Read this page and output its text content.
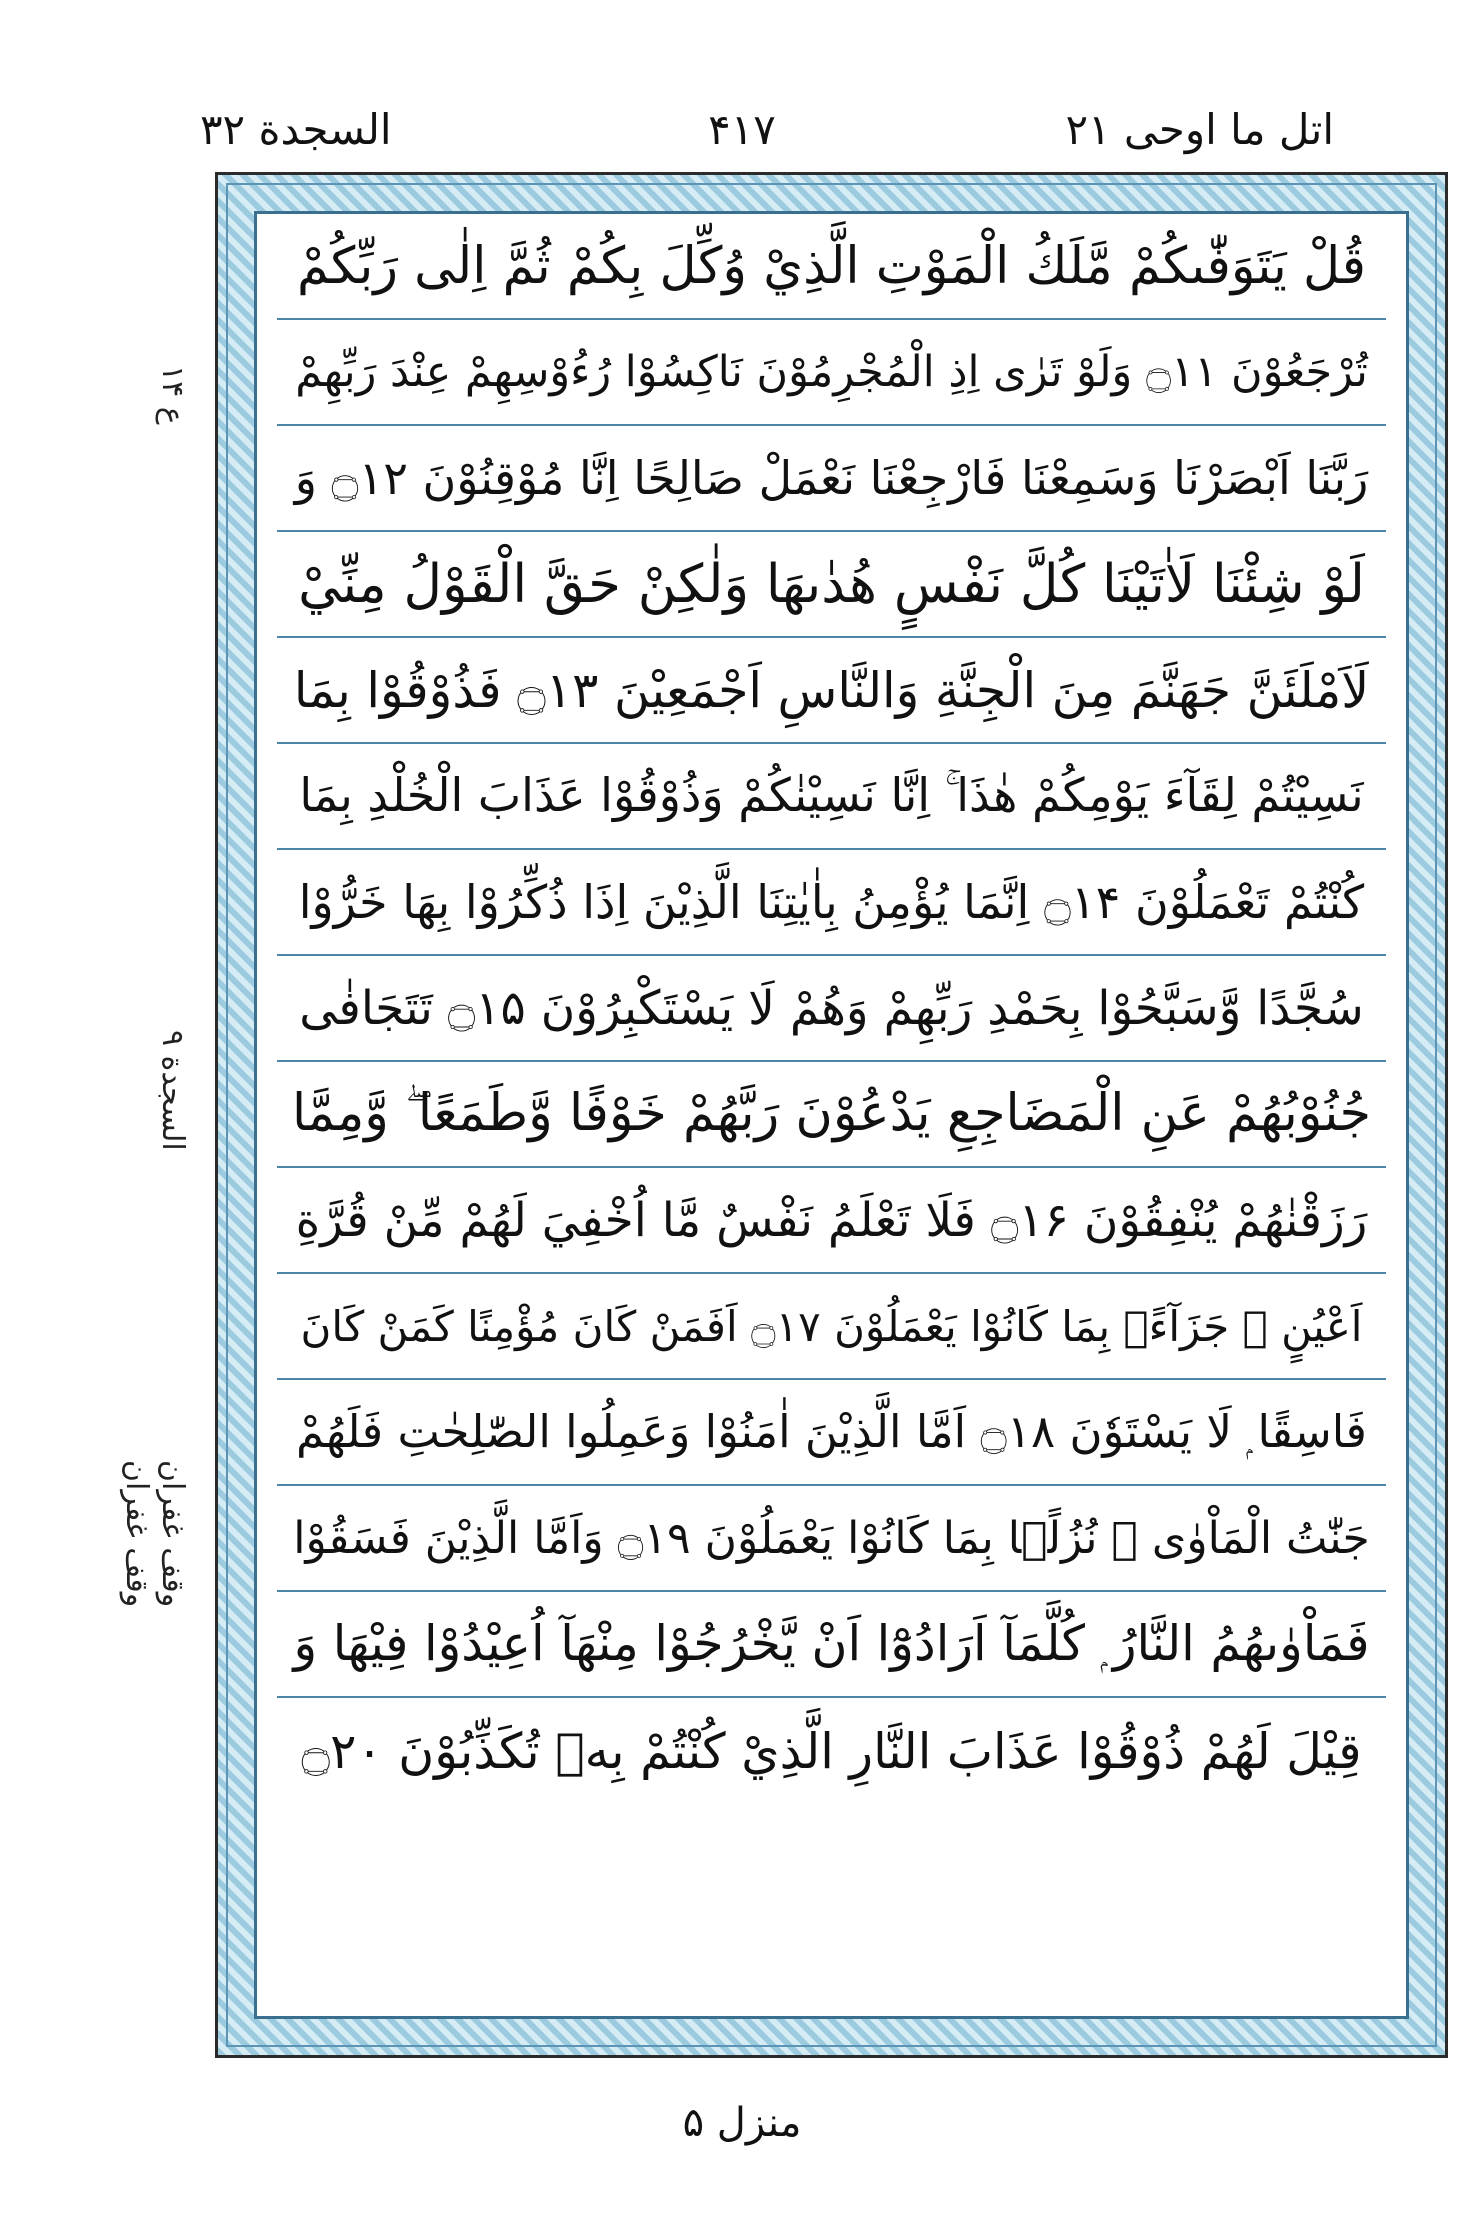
اتل ما اوحی ۲۱
۴۱۷
السجدة ۳۲
ع ۱۴
السجدة ۹
وقف غفران
وقف غفران
قُلْ يَتَوَفّٰىكُمْ مَّلَكُ الْمَوْتِ الَّذِيْ وُكِّلَ بِكُمْ ثُمَّ اِلٰى رَبِّكُمْ
تُرْجَعُوْنَ ۝۱۱ وَلَوْ تَرٰى اِذِ الْمُجْرِمُوْنَ نَاكِسُوْا رُءُوْسِهِمْ عِنْدَ رَبِّهِمْ
رَبَّنَا اَبْصَرْنَا وَسَمِعْنَا فَارْجِعْنَا نَعْمَلْ صَالِحًا اِنَّا مُوْقِنُوْنَ ۝۱۲ وَ
لَوْ شِئْنَا لَاٰتَيْنَا كُلَّ نَفْسٍ هُدٰىهَا وَلٰكِنْ حَقَّ الْقَوْلُ مِنِّيْ
لَاَمْلَئَنَّ جَهَنَّمَ مِنَ الْجِنَّةِ وَالنَّاسِ اَجْمَعِيْنَ ۝۱۳ فَذُوْقُوْا بِمَا
نَسِيْتُمْ لِقَآءَ يَوْمِكُمْ هٰذَا ۚ اِنَّا نَسِيْنٰكُمْ وَذُوْقُوْا عَذَابَ الْخُلْدِ بِمَا
كُنْتُمْ تَعْمَلُوْنَ ۝۱۴ اِنَّمَا يُؤْمِنُ بِاٰيٰتِنَا الَّذِيْنَ اِذَا ذُكِّرُوْا بِهَا خَرُّوْا
سُجَّدًا وَّسَبَّحُوْا بِحَمْدِ رَبِّهِمْ وَهُمْ لَا يَسْتَكْبِرُوْنَ ۝۱۵ تَتَجَافٰى
جُنُوْبُهُمْ عَنِ الْمَضَاجِعِ يَدْعُوْنَ رَبَّهُمْ خَوْفًا وَّطَمَعًا ۖ وَّمِمَّا
رَزَقْنٰهُمْ يُنْفِقُوْنَ ۝۱۶ فَلَا تَعْلَمُ نَفْسٌ مَّا اُخْفِيَ لَهُمْ مِّنْ قُرَّةِ
اَعْيُنٍ ۚ جَزَآءًۢ بِمَا كَانُوْا يَعْمَلُوْنَ ۝۱۷ اَفَمَنْ كَانَ مُؤْمِنًا كَمَنْ كَانَ
فَاسِقًا ۭ لَا يَسْتَوٗنَ ۝۱۸ اَمَّا الَّذِيْنَ اٰمَنُوْا وَعَمِلُوا الصّٰلِحٰتِ فَلَهُمْ
جَنّٰتُ الْمَاْوٰى ۡ نُزُلًۢا بِمَا كَانُوْا يَعْمَلُوْنَ ۝۱۹ وَاَمَّا الَّذِيْنَ فَسَقُوْا
فَمَاْوٰىهُمُ النَّارُ ۭ كُلَّمَآ اَرَادُوْٓا اَنْ يَّخْرُجُوْا مِنْهَآ اُعِيْدُوْا فِيْهَا وَ
قِيْلَ لَهُمْ ذُوْقُوْا عَذَابَ النَّارِ الَّذِيْ كُنْتُمْ بِهٖ تُكَذِّبُوْنَ ۝۲۰
منزل ۵
